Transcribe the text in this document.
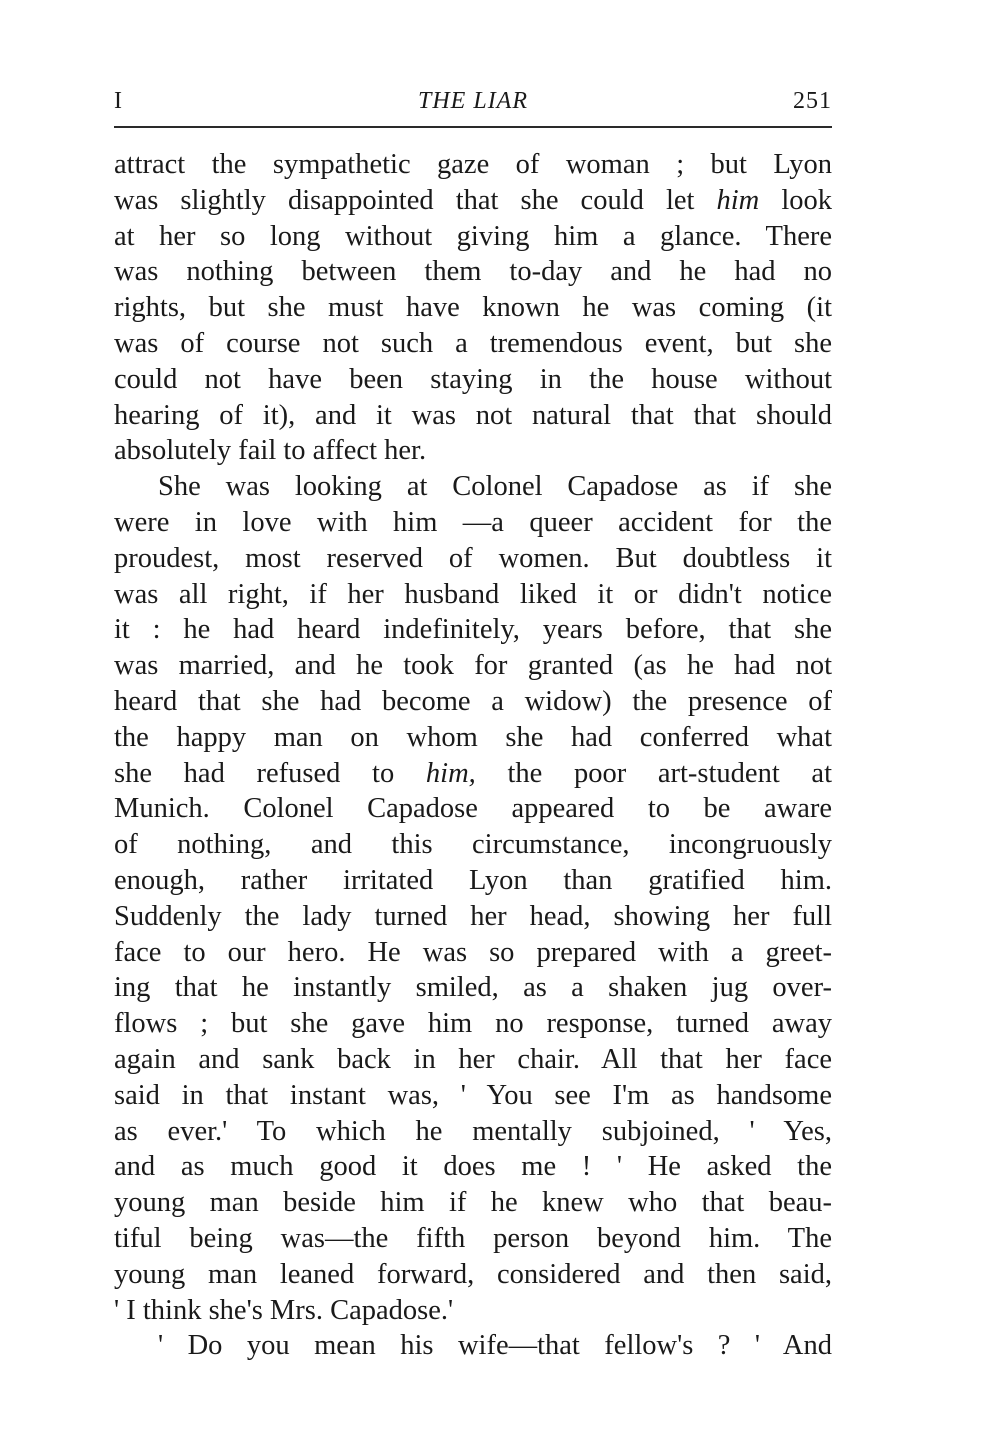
I	THE LIAR	251
attract the sympathetic gaze of woman ; but Lyon
was slightly disappointed that she could let him look
at her so long without giving him a glance. There
was nothing between them to-day and he had no
rights, but she must have known he was coming (it
was of course not such a tremendous event, but she
could not have been staying in the house without
hearing of it), and it was not natural that that should
absolutely fail to affect her.
She was looking at Colonel Capadose as if she
were in love with him —a queer accident for the
proudest, most reserved of women. But doubtless it
was all right, if her husband liked it or didn't notice
it : he had heard indefinitely, years before, that she
was married, and he took for granted (as he had not
heard that she had become a widow) the presence of
the happy man on whom she had conferred what
she had refused to him, the poor art-student at
Munich. Colonel Capadose appeared to be aware
of nothing, and this circumstance, incongruously
enough, rather irritated Lyon than gratified him.
Suddenly the lady turned her head, showing her full
face to our hero. He was so prepared with a greet-
ing that he instantly smiled, as a shaken jug over-
flows ; but she gave him no response, turned away
again and sank back in her chair. All that her face
said in that instant was, ' You see I'm as handsome
as ever.' To which he mentally subjoined, ' Yes,
and as much good it does me ! ' He asked the
young man beside him if he knew who that beau-
tiful being was—the fifth person beyond him. The
young man leaned forward, considered and then said,
' I think she's Mrs. Capadose.'
' Do you mean his wife—that fellow's ? ' And
